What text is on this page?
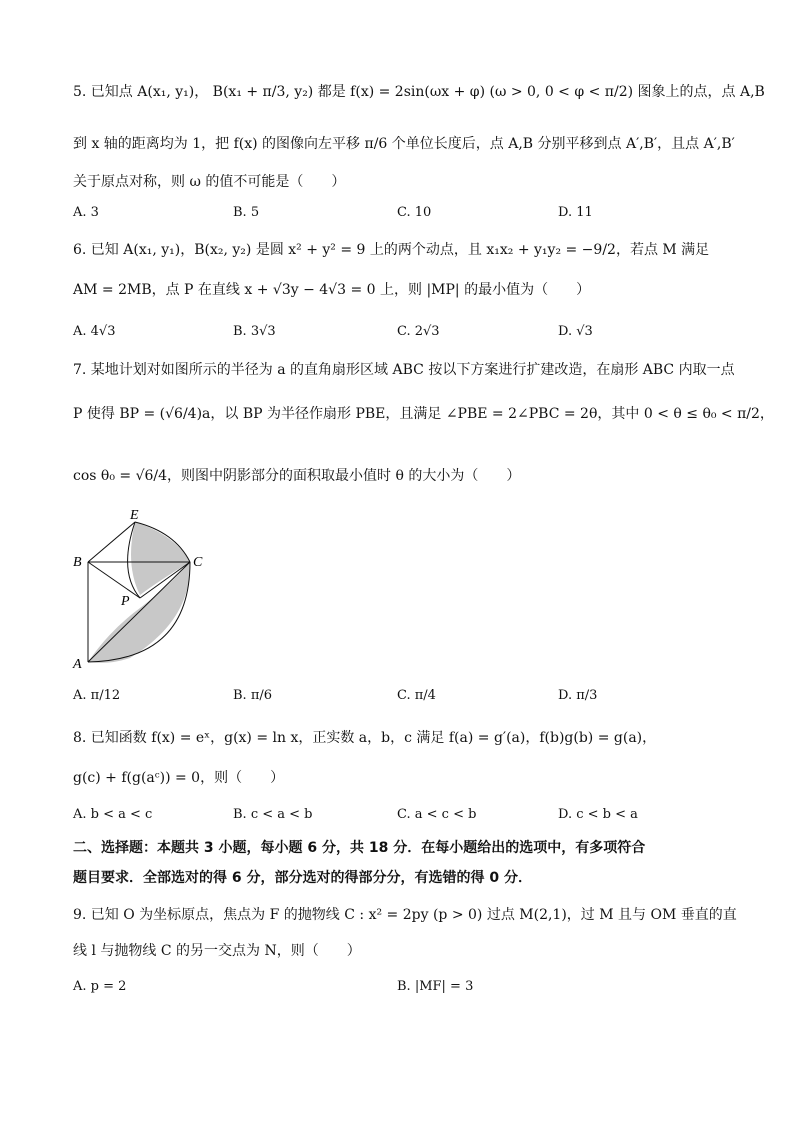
5. 已知点 A(x₁, y₁)， B(x₁ + π/3, y₂) 都是 f(x) = 2sin(ωx + φ) (ω > 0, 0 < φ < π/2) 图象上的点，点 A,B
到 x 轴的距离均为 1，把 f(x) 的图像向左平移 π/6 个单位长度后，点 A,B 分别平移到点 A′,B′，且点 A′,B′
关于原点对称，则 ω 的值不可能是（　　）
A. 3	B. 5	C. 10	D. 11
6. 已知 A(x₁, y₁)，B(x₂, y₂) 是圆 x² + y² = 9 上的两个动点，且 x₁x₂ + y₁y₂ = −9/2，若点 M 满足
AM = 2MB，点 P 在直线 x + √3y − 4√3 = 0 上，则 |MP| 的最小值为（　　）
A. 4√3	B. 3√3	C. 2√3	D. √3
7. 某地计划对如图所示的半径为 a 的直角扇形区域 ABC 按以下方案进行扩建改造，在扇形 ABC 内取一点
P 使得 BP = (√6/4)a，以 BP 为半径作扇形 PBE，且满足 ∠PBE = 2∠PBC = 2θ，其中 0 < θ ≤ θ₀ < π/2，
cos θ₀ = √6/4，则图中阴影部分的面积取最小值时 θ 的大小为（　　）
E
B	C
P
A
A. π/12	B. π/6	C. π/4	D. π/3
8. 已知函数 f(x) = eˣ，g(x) = ln x，正实数 a，b，c 满足 f(a) = g′(a)，f(b)g(b) = g(a)，
g(c) + f(g(aᶜ)) = 0，则（　　）
A. b < a < c	B. c < a < b	C. a < c < b	D. c < b < a
二、选择题：本题共 3 小题，每小题 6 分，共 18 分．在每小题给出的选项中，有多项符合
题目要求．全部选对的得 6 分，部分选对的得部分分，有选错的得 0 分．
9. 已知 O 为坐标原点，焦点为 F 的抛物线 C : x² = 2py (p > 0) 过点 M(2,1)，过 M 且与 OM 垂直的直
线 l 与抛物线 C 的另一交点为 N，则（　　）
A. p = 2	B. |MF| = 3
